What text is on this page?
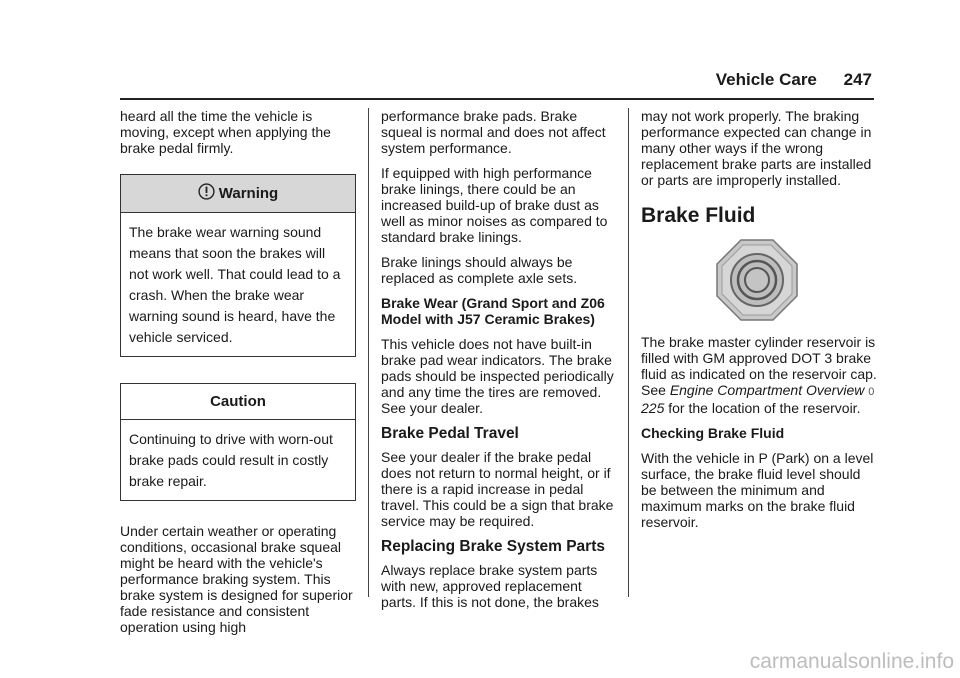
Vehicle Care 247

heard all the time the vehicle is moving, except when applying the brake pedal firmly.

Warning
The brake wear warning sound means that soon the brakes will not work well. That could lead to a crash. When the brake wear warning sound is heard, have the vehicle serviced.
Caution
Continuing to drive with worn-out brake pads could result in costly brake repair.

Under certain weather or operating conditions, occasional brake squeal might be heard with the vehicle's performance braking system. This brake system is designed for superior fade resistance and consistent operation using high

performance brake pads. Brake squeal is normal and does not affect system performance.

If equipped with high performance brake linings, there could be an increased build-up of brake dust as well as minor noises as compared to standard brake linings.

Brake linings should always be replaced as complete axle sets.

Brake Wear (Grand Sport and Z06 Model with J57 Ceramic Brakes)

This vehicle does not have built-in brake pad wear indicators. The brake pads should be inspected periodically and any time the tires are removed. See your dealer.

Brake Pedal Travel

See your dealer if the brake pedal does not return to normal height, or if there is a rapid increase in pedal travel. This could be a sign that brake service may be required.

Replacing Brake System Parts

Always replace brake system parts with new, approved replacement parts. If this is not done, the brakes

may not work properly. The braking performance expected can change in many other ways if the wrong replacement brake parts are installed or parts are improperly installed.

Brake Fluid

The brake master cylinder reservoir is filled with GM approved DOT 3 brake fluid as indicated on the reservoir cap. See Engine Compartment Overview 0 225 for the location of the reservoir.

Checking Brake Fluid

With the vehicle in P (Park) on a level surface, the brake fluid level should be between the minimum and maximum marks on the brake fluid reservoir.

carmanualsonline.info
